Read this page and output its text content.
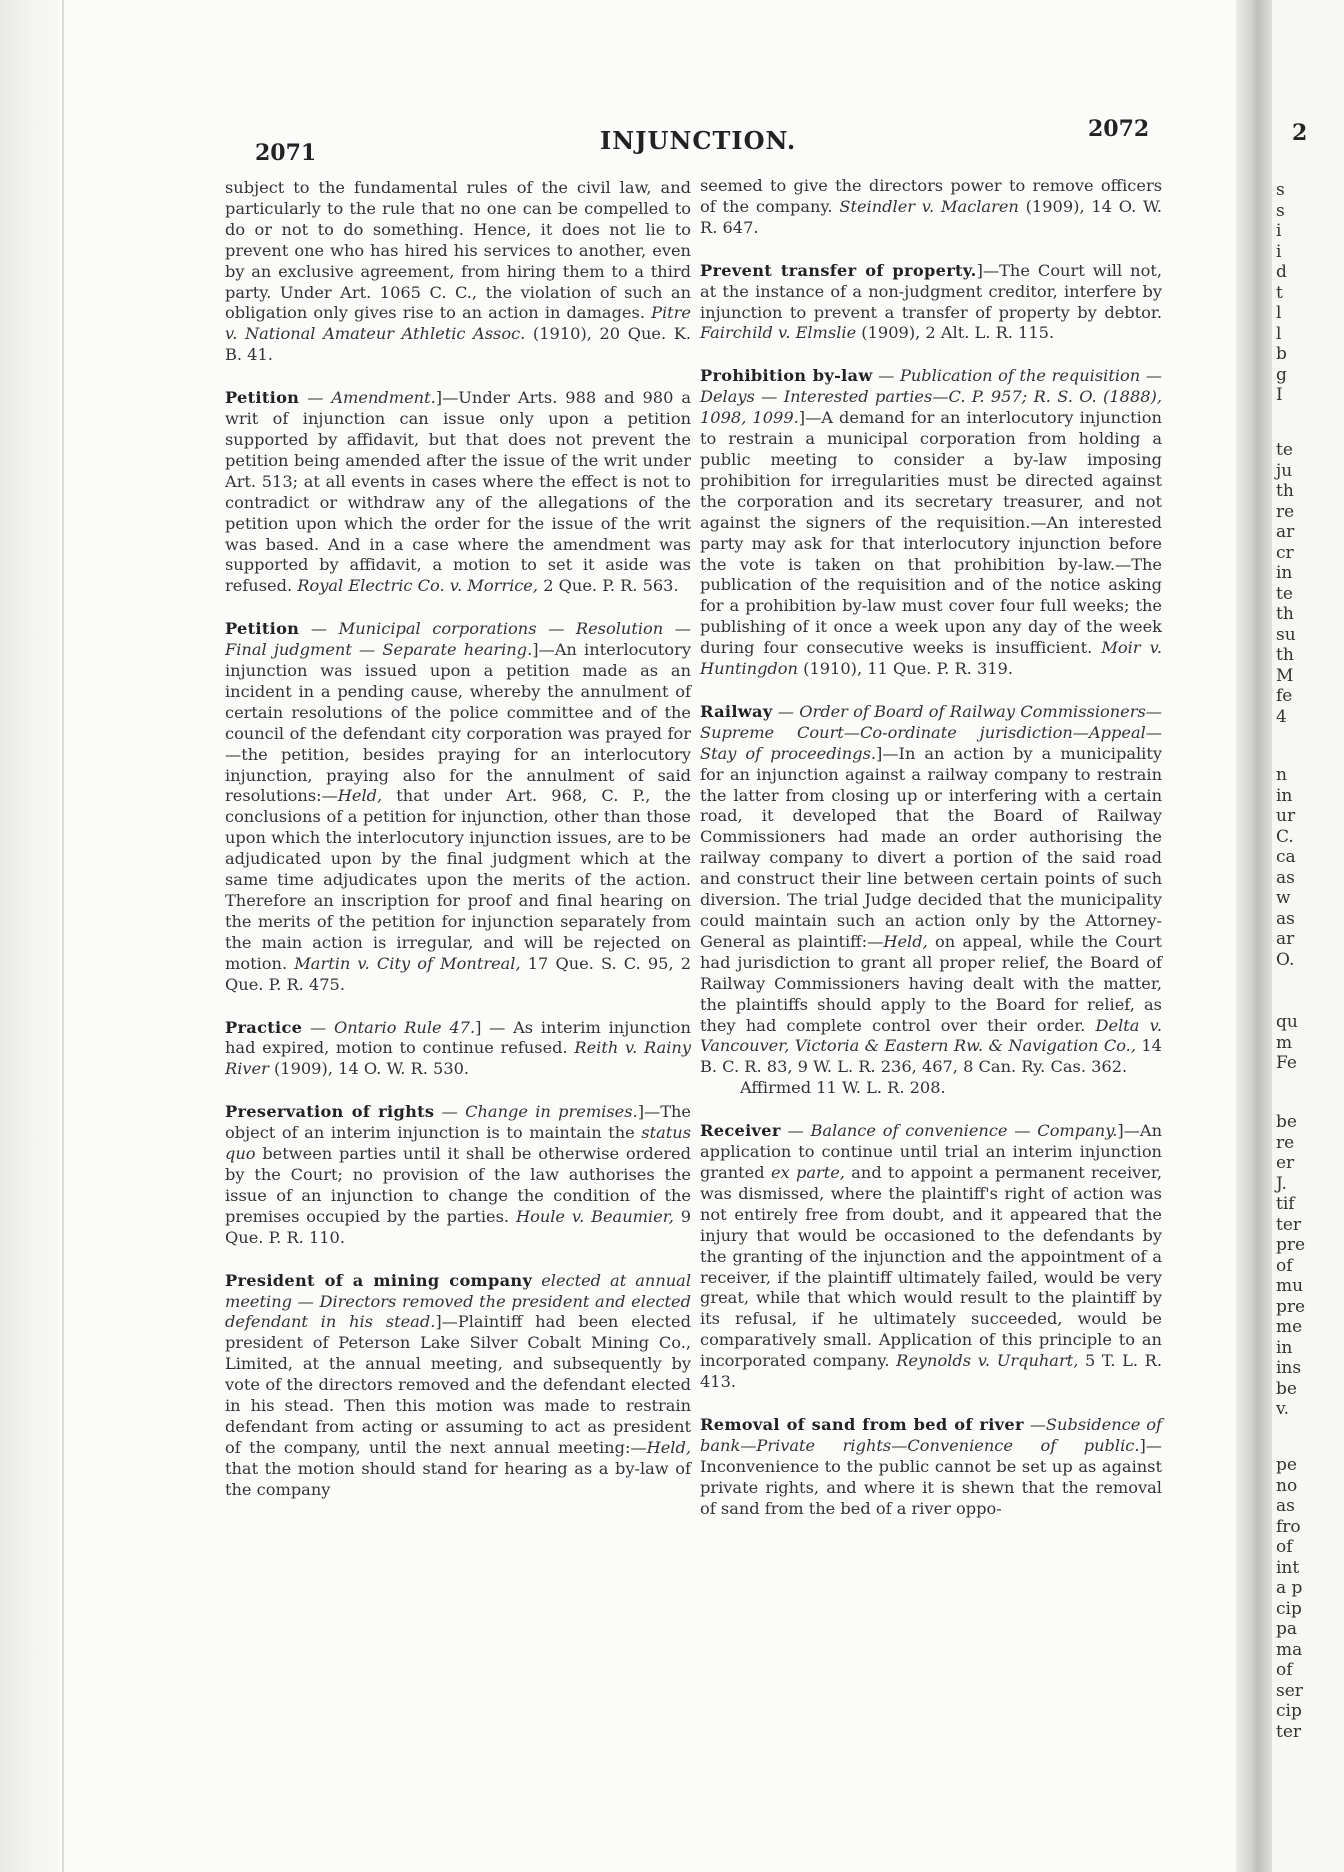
2071	INJUNCTION.	2072

subject to the fundamental rules of the civil law, and particularly to the rule that no one can be compelled to do or not to do something. Hence, it does not lie to prevent one who has hired his services to another, even by an exclusive agreement, from hiring them to a third party. Under Art. 1065 C. C., the violation of such an obligation only gives rise to an action in damages. Pitre v. National Amateur Athletic Assoc. (1910), 20 Que. K. B. 41.

Petition — Amendment.]—Under Arts. 988 and 980 a writ of injunction can issue only upon a petition supported by affidavit, but that does not prevent the petition being amended after the issue of the writ under Art. 513; at all events in cases where the effect is not to contradict or withdraw any of the allegations of the petition upon which the order for the issue of the writ was based. And in a case where the amendment was supported by affidavit, a motion to set it aside was refused. Royal Electric Co. v. Morrice, 2 Que. P. R. 563.

Petition — Municipal corporations — Resolution — Final judgment — Separate hearing.]—An interlocutory injunction was issued upon a petition made as an incident in a pending cause, whereby the annulment of certain resolutions of the police committee and of the council of the defendant city corporation was prayed for—the petition, besides praying for an interlocutory injunction, praying also for the annulment of said resolutions:—Held, that under Art. 968, C. P., the conclusions of a petition for injunction, other than those upon which the interlocutory injunction issues, are to be adjudicated upon by the final judgment which at the same time adjudicates upon the merits of the action. Therefore an inscription for proof and final hearing on the merits of the petition for injunction separately from the main action is irregular, and will be rejected on motion. Martin v. City of Montreal, 17 Que. S. C. 95, 2 Que. P. R. 475.

Practice — Ontario Rule 47.] — As interim injunction had expired, motion to continue refused. Reith v. Rainy River (1909), 14 O. W. R. 530.

Preservation of rights — Change in premises.]—The object of an interim injunction is to maintain the status quo between parties until it shall be otherwise ordered by the Court; no provision of the law authorises the issue of an injunction to change the condition of the premises occupied by the parties. Houle v. Beaumier, 9 Que. P. R. 110.

President of a mining company elected at annual meeting — Directors removed the president and elected defendant in his stead.]—Plaintiff had been elected president of Peterson Lake Silver Cobalt Mining Co., Limited, at the annual meeting, and subsequently by vote of the directors removed and the defendant elected in his stead. Then this motion was made to restrain defendant from acting or assuming to act as president of the company, until the next annual meeting:—Held, that the motion should stand for hearing as a by-law of the company

seemed to give the directors power to remove officers of the company. Steindler v. Maclaren (1909), 14 O. W. R. 647.

Prevent transfer of property.]—The Court will not, at the instance of a non-judgment creditor, interfere by injunction to prevent a transfer of property by debtor. Fairchild v. Elmslie (1909), 2 Alt. L. R. 115.

Prohibition by-law — Publication of the requisition — Delays — Interested parties—C. P. 957; R. S. O. (1888), 1098, 1099.]—A demand for an interlocutory injunction to restrain a municipal corporation from holding a public meeting to consider a by-law imposing prohibition for irregularities must be directed against the corporation and its secretary treasurer, and not against the signers of the requisition.—An interested party may ask for that interlocutory injunction before the vote is taken on that prohibition by-law.—The publication of the requisition and of the notice asking for a prohibition by-law must cover four full weeks; the publishing of it once a week upon any day of the week during four consecutive weeks is insufficient. Moir v. Huntingdon (1910), 11 Que. P. R. 319.

Railway — Order of Board of Railway Commissioners—Supreme Court—Co-ordinate jurisdiction—Appeal—Stay of proceedings.]—In an action by a municipality for an injunction against a railway company to restrain the latter from closing up or interfering with a certain road, it developed that the Board of Railway Commissioners had made an order authorising the railway company to divert a portion of the said road and construct their line between certain points of such diversion. The trial Judge decided that the municipality could maintain such an action only by the Attorney-General as plaintiff:—Held, on appeal, while the Court had jurisdiction to grant all proper relief, the Board of Railway Commissioners having dealt with the matter, the plaintiffs should apply to the Board for relief, as they had complete control over their order. Delta v. Vancouver, Victoria & Eastern Rw. & Navigation Co., 14 B. C. R. 83, 9 W. L. R. 236, 467, 8 Can. Ry. Cas. 362.

Affirmed 11 W. L. R. 208.

Receiver — Balance of convenience — Company.]—An application to continue until trial an interim injunction granted ex parte, and to appoint a permanent receiver, was dismissed, where the plaintiff's right of action was not entirely free from doubt, and it appeared that the injury that would be occasioned to the defendants by the granting of the injunction and the appointment of a receiver, if the plaintiff ultimately failed, would be very great, while that which would result to the plaintiff by its refusal, if he ultimately succeeded, would be comparatively small. Application of this principle to an incorporated company. Reynolds v. Urquhart, 5 T. L. R. 413.

Removal of sand from bed of river —Subsidence of bank—Private rights—Convenience of public.]—Inconvenience to the public cannot be set up as against private rights, and where it is shewn that the removal of sand from the bed of a river oppo-

2
s
s
i
i
d
t
l
l
b
g
I
te
ju
th
re
ar
cr
in
te
th
su
th
M
fe
4
n
in
ur
C.
ca
as
w
as
ar
O.
qu
m
Fe
be
re
er
J.
tif
ter
pre
of
mu
pre
me
in
ins
be
v.
pe
no
as
fro
of
int
a p
cip
pa
ma
of
ser
cip
ter
